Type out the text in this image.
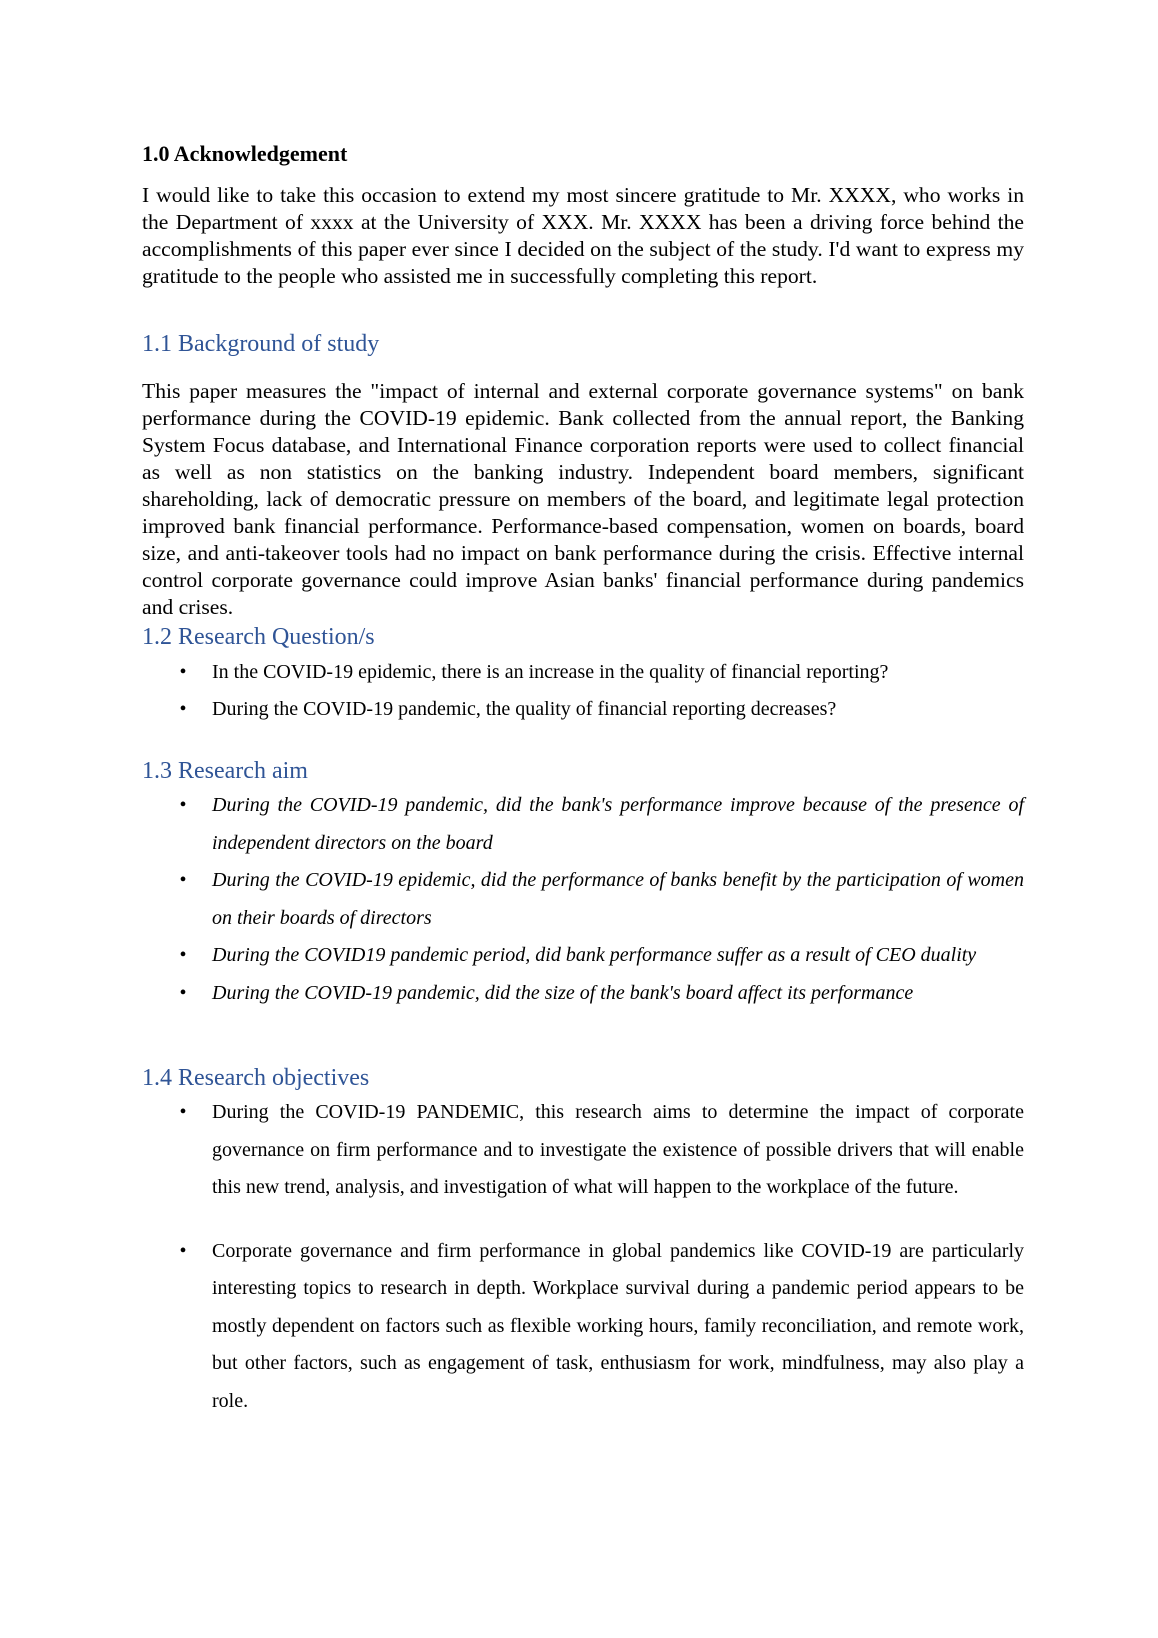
1.0 Acknowledgement

I would like to take this occasion to extend my most sincere gratitude to Mr. XXXX, who works in the Department of xxxx at the University of XXX. Mr. XXXX has been a driving force behind the accomplishments of this paper ever since I decided on the subject of the study. I'd want to express my gratitude to the people who assisted me in successfully completing this report.

1.1 Background of study

This paper measures the "impact of internal and external corporate governance systems" on bank performance during the COVID-19 epidemic. Bank collected from the annual report, the Banking System Focus database, and International Finance corporation reports were used to collect financial as well as non statistics on the banking industry. Independent board members, significant shareholding, lack of democratic pressure on members of the board, and legitimate legal protection improved bank financial performance. Performance-based compensation, women on boards, board size, and anti-takeover tools had no impact on bank performance during the crisis. Effective internal control corporate governance could improve Asian banks' financial performance during pandemics and crises.

1.2 Research Question/s
• In the COVID-19 epidemic, there is an increase in the quality of financial reporting?
• During the COVID-19 pandemic, the quality of financial reporting decreases?
1.3 Research aim
• During the COVID-19 pandemic, did the bank's performance improve because of the presence of independent directors on the board
• During the COVID-19 epidemic, did the performance of banks benefit by the participation of women on their boards of directors
• During the COVID19 pandemic period, did bank performance suffer as a result of CEO duality
• During the COVID-19 pandemic, did the size of the bank's board affect its performance
1.4 Research objectives
• During the COVID-19 PANDEMIC, this research aims to determine the impact of corporate governance on firm performance and to investigate the existence of possible drivers that will enable this new trend, analysis, and investigation of what will happen to the workplace of the future.
• Corporate governance and firm performance in global pandemics like COVID-19 are particularly interesting topics to research in depth. Workplace survival during a pandemic period appears to be mostly dependent on factors such as flexible working hours, family reconciliation, and remote work, but other factors, such as engagement of task, enthusiasm for work, mindfulness, may also play a role.
